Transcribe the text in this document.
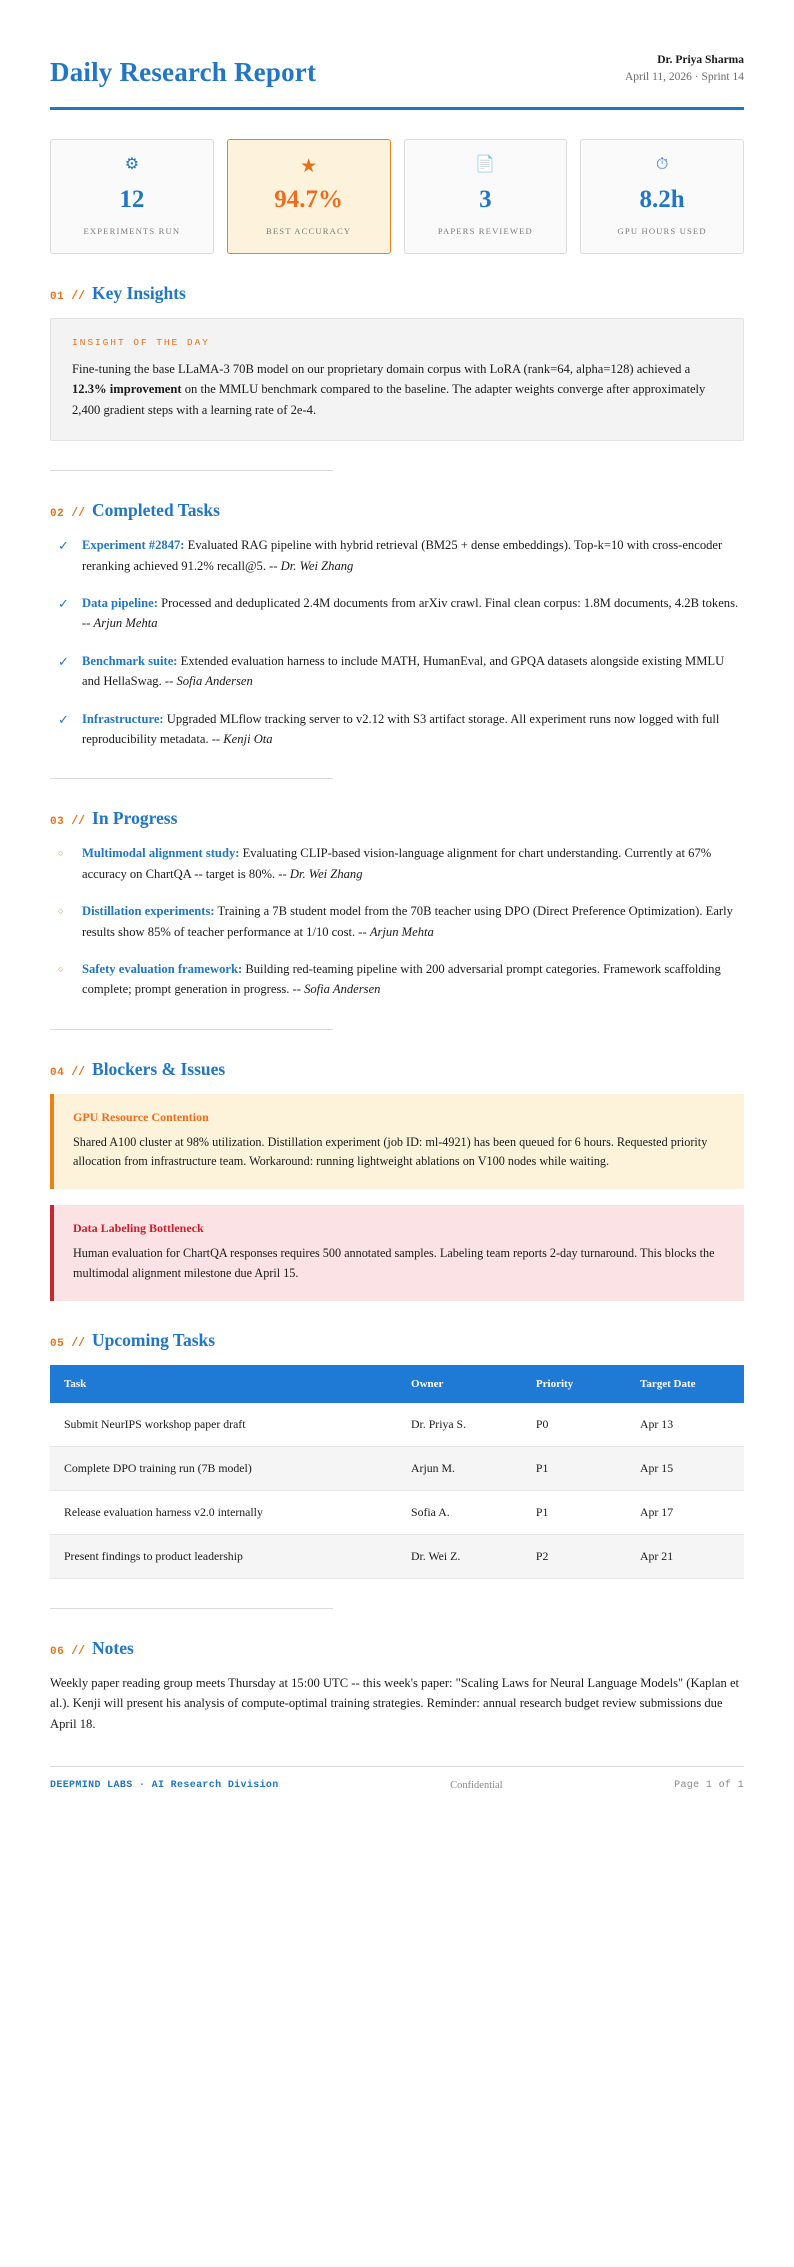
Daily Research Report	Dr. Priya Sharma
April 11, 2026 · Sprint 14
⚙
12
EXPERIMENTS RUN
★
94.7%
BEST ACCURACY
📄
3
PAPERS REVIEWED
⏱
8.2h
GPU HOURS USED
01 // Key Insights
INSIGHT OF THE DAY
Fine-tuning the base LLaMA-3 70B model on our proprietary domain corpus with LoRA (rank=64, alpha=128) achieved a 12.3% improvement on the MMLU benchmark compared to the baseline. The adapter weights converge after approximately 2,400 gradient steps with a learning rate of 2e-4.
02 // Completed Tasks
✓ Experiment #2847: Evaluated RAG pipeline with hybrid retrieval (BM25 + dense embeddings). Top-k=10 with cross-encoder reranking achieved 91.2% recall@5. -- Dr. Wei Zhang
✓ Data pipeline: Processed and deduplicated 2.4M documents from arXiv crawl. Final clean corpus: 1.8M documents, 4.2B tokens. -- Arjun Mehta
✓ Benchmark suite: Extended evaluation harness to include MATH, HumanEval, and GPQA datasets alongside existing MMLU and HellaSwag. -- Sofia Andersen
✓ Infrastructure: Upgraded MLflow tracking server to v2.12 with S3 artifact storage. All experiment runs now logged with full reproducibility metadata. -- Kenji Ota
03 // In Progress
○	Multimodal alignment study: Evaluating CLIP-based vision-language alignment for chart understanding. Currently at 67% accuracy on ChartQA -- target is 80%. -- Dr. Wei Zhang
○	Distillation experiments: Training a 7B student model from the 70B teacher using DPO (Direct Preference Optimization). Early results show 85% of teacher performance at 1/10 cost. -- Arjun Mehta
○	Safety evaluation framework: Building red-teaming pipeline with 200 adversarial prompt categories. Framework scaffolding complete; prompt generation in progress. -- Sofia Andersen
04 // Blockers & Issues
GPU Resource Contention
Shared A100 cluster at 98% utilization. Distillation experiment (job ID: ml-4921) has been queued for 6 hours. Requested priority allocation from infrastructure team. Workaround: running lightweight ablations on V100 nodes while waiting.
Data Labeling Bottleneck
Human evaluation for ChartQA responses requires 500 annotated samples. Labeling team reports 2-day turnaround. This blocks the multimodal alignment milestone due April 15.
05 // Upcoming Tasks
Task	Owner	Priority	Target Date
Submit NeurIPS workshop paper draft	Dr. Priya S.	P0	Apr 13
Complete DPO training run (7B model)	Arjun M.	P1	Apr 15
Release evaluation harness v2.0 internally	Sofia A.	P1	Apr 17
Present findings to product leadership	Dr. Wei Z.	P2	Apr 21
06 // Notes
Weekly paper reading group meets Thursday at 15:00 UTC -- this week's paper: "Scaling Laws for Neural Language Models" (Kaplan et al.). Kenji will present his analysis of compute-optimal training strategies. Reminder: annual research budget review submissions due April 18.
DEEPMIND LABS · AI Research Division	Confidential	Page 1 of 1
